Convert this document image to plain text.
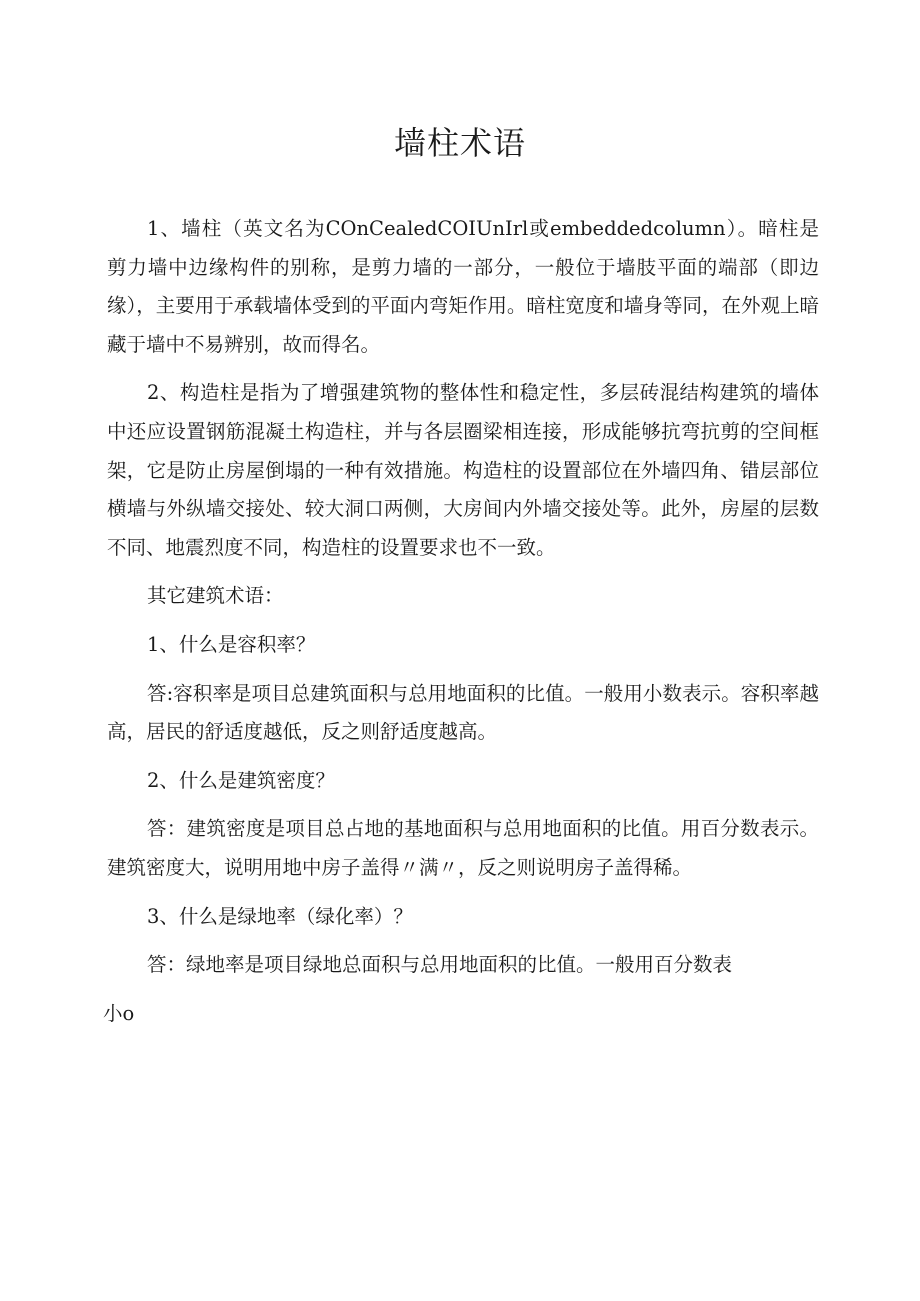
墙柱术语

1、墙柱（英文名为COnCealedCOIUnIrl或embeddedcolumn）。暗柱是剪力墙中边缘构件的别称，是剪力墙的一部分，一般位于墙肢平面的端部（即边缘），主要用于承载墙体受到的平面内弯矩作用。暗柱宽度和墙身等同，在外观上暗藏于墙中不易辨别，故而得名。

2、构造柱是指为了增强建筑物的整体性和稳定性，多层砖混结构建筑的墙体中还应设置钢筋混凝土构造柱，并与各层圈梁相连接，形成能够抗弯抗剪的空间框架，它是防止房屋倒塌的一种有效措施。构造柱的设置部位在外墙四角、错层部位横墙与外纵墙交接处、较大洞口两侧，大房间内外墙交接处等。此外，房屋的层数不同、地震烈度不同，构造柱的设置要求也不一致。

其它建筑术语：

1、什么是容积率？

答:容积率是项目总建筑面积与总用地面积的比值。一般用小数表示。容积率越高，居民的舒适度越低，反之则舒适度越高。

2、什么是建筑密度？

答：建筑密度是项目总占地的基地面积与总用地面积的比值。用百分数表示。建筑密度大，说明用地中房子盖得〃满〃，反之则说明房子盖得稀。

3、什么是绿地率（绿化率）？

答：绿地率是项目绿地总面积与总用地面积的比值。一般用百分数表

小o
